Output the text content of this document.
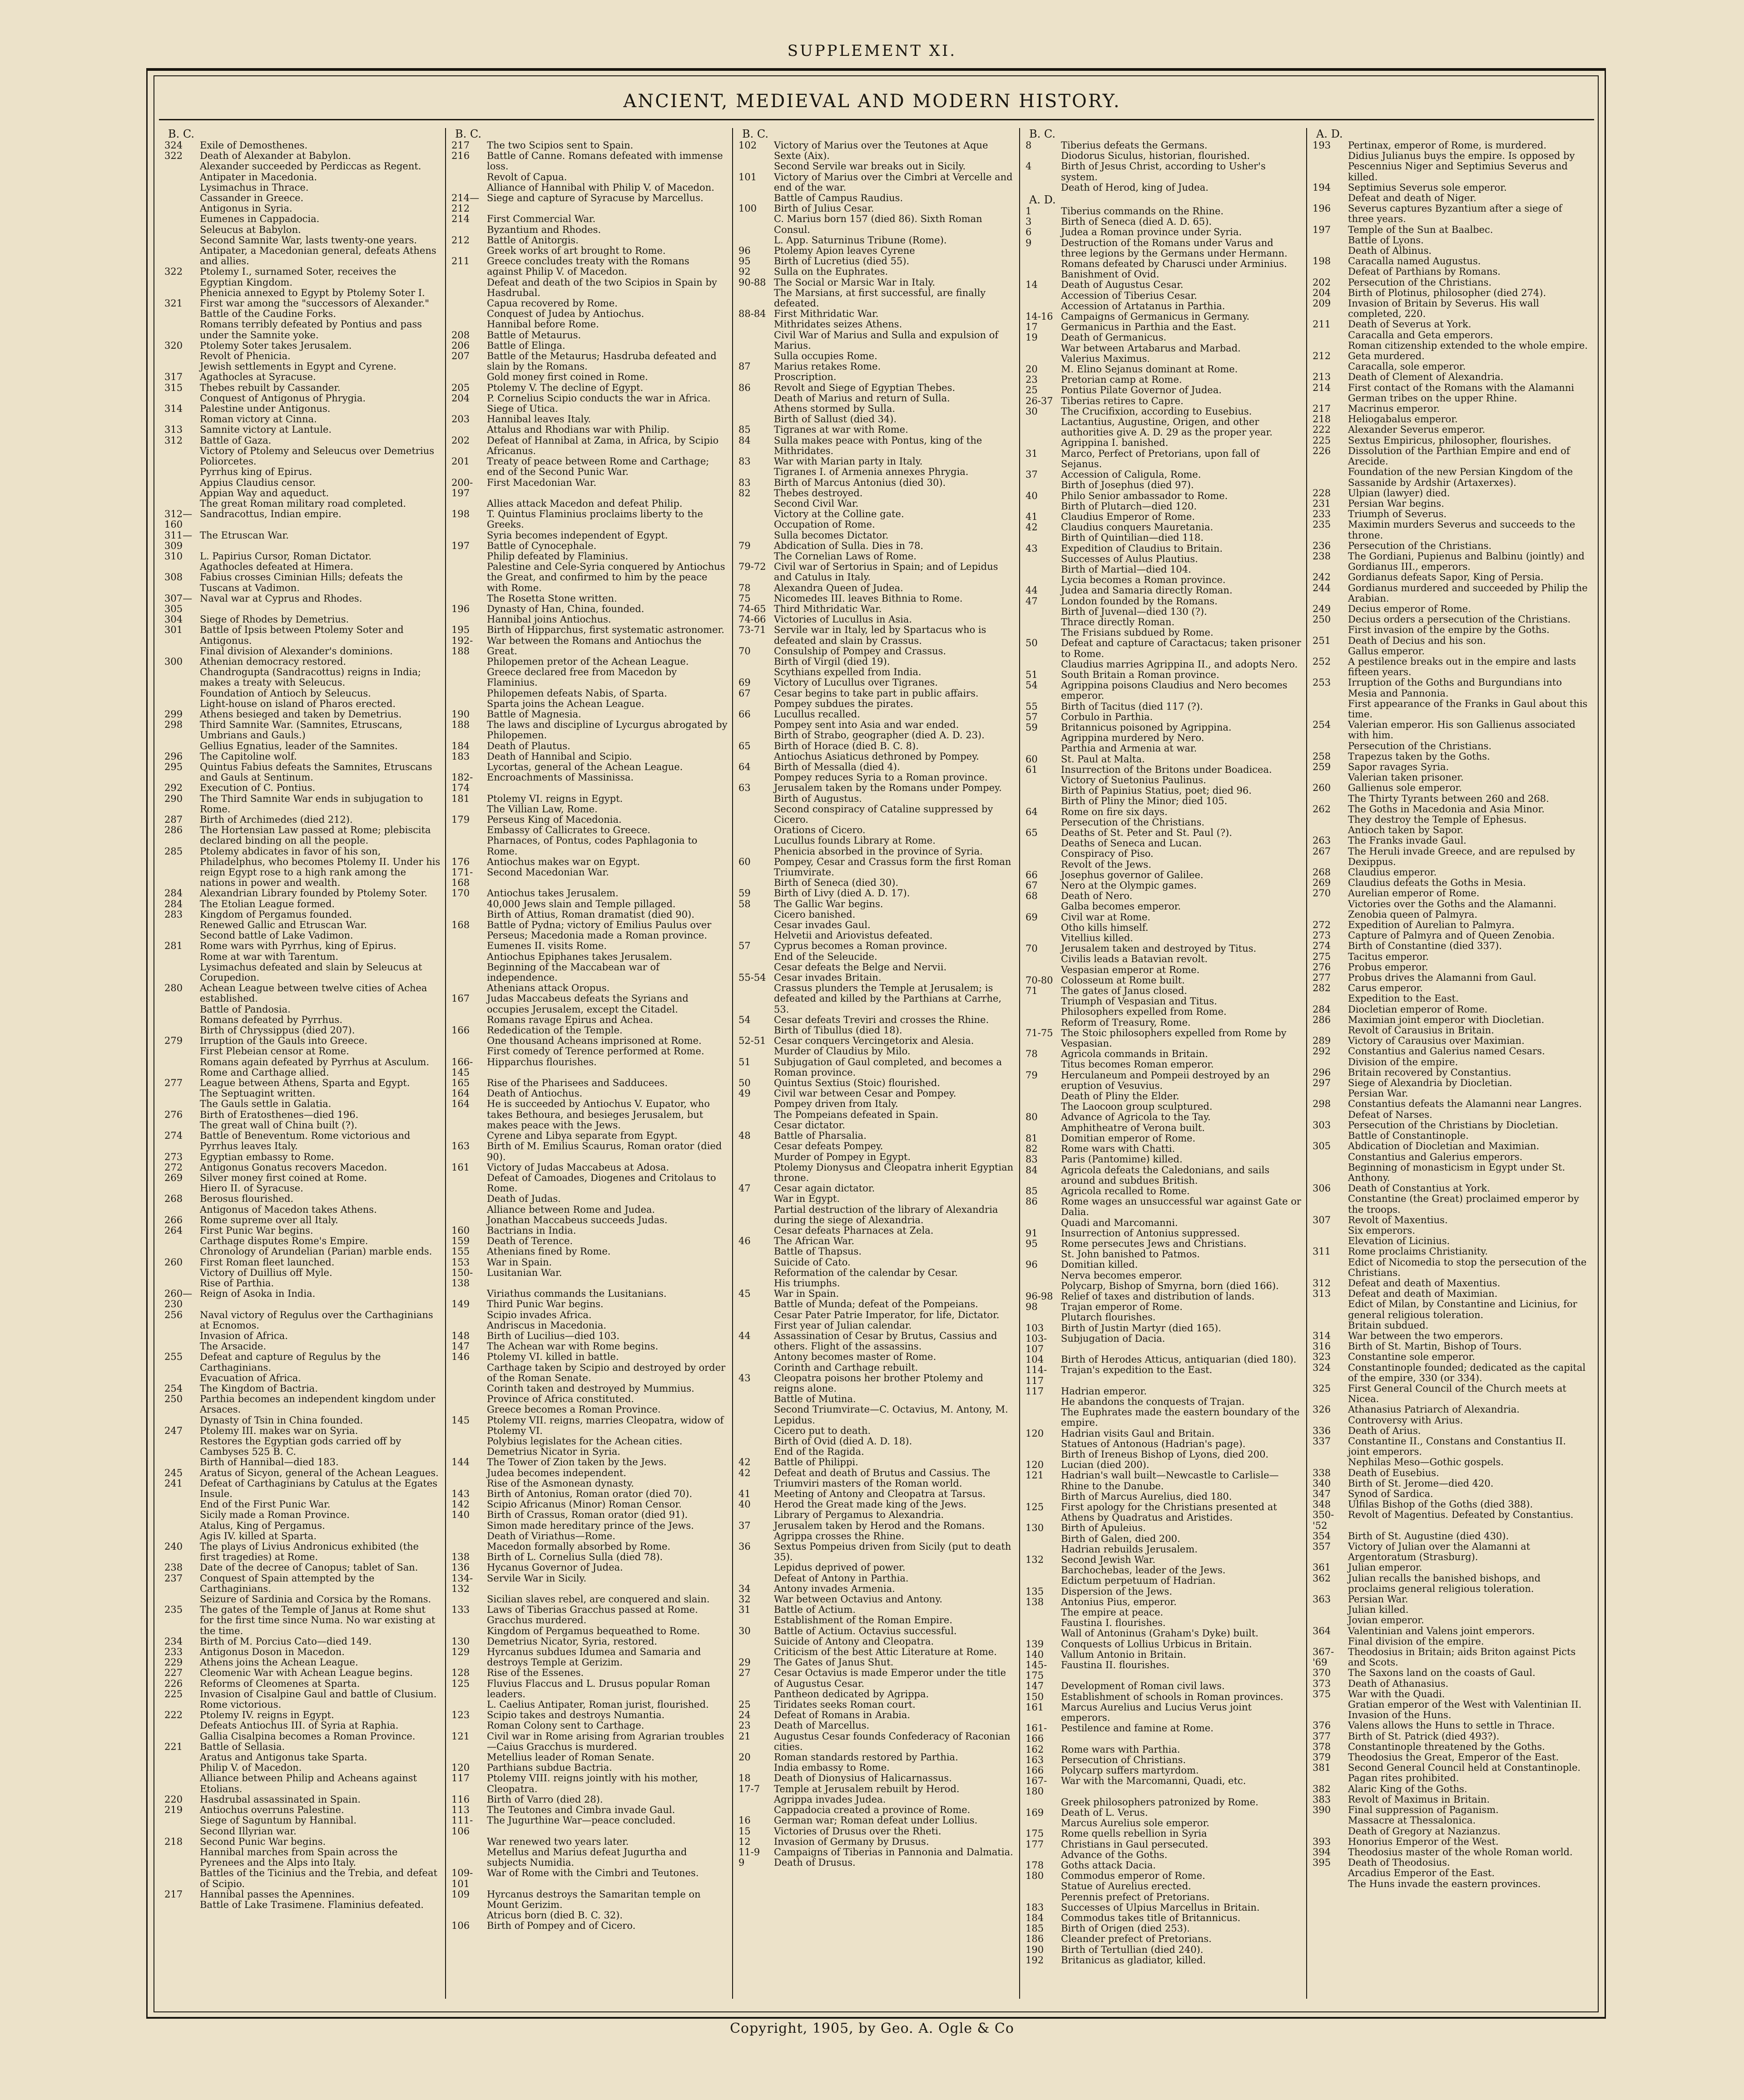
SUPPLEMENT XI.
ANCIENT, MEDIEVAL AND MODERN HISTORY.
B. C.
324	Exile of Demosthenes.
322	Death of Alexander at Babylon.
Alexander succeeded by Perdiccas as Regent.
Antipater in Macedonia.
Lysimachus in Thrace.
Cassander in Greece.
Antigonus in Syria.
Eumenes in Cappadocia.
Seleucus at Babylon.
Second Samnite War, lasts twenty-one years.
Antipater, a Macedonian general, defeats Athens and allies.
322	Ptolemy I., surnamed Soter, receives the Egyptian Kingdom.
Phenicia annexed to Egypt by Ptolemy Soter I.
321	First war among the "successors of Alexander."
Battle of the Caudine Forks.
Romans terribly defeated by Pontius and pass under the Samnite yoke.
320	Ptolemy Soter takes Jerusalem.
Revolt of Phenicia.
Jewish settlements in Egypt and Cyrene.
317	Agathocles at Syracuse.
315	Thebes rebuilt by Cassander.
Conquest of Antigonus of Phrygia.
314	Palestine under Antigonus.
Roman victory at Cinna.
313	Samnite victory at Lantule.
312	Battle of Gaza.
Victory of Ptolemy and Seleucus over Demetrius Poliorcetes.
Pyrrhus king of Epirus.
Appius Claudius censor.
Appian Way and aqueduct.
The great Roman military road completed.
312—160
Sandracottus, Indian empire.
311—309
The Etruscan War.
310	L. Papirius Cursor, Roman Dictator.
Agathocles defeated at Himera.
308	Fabius crosses Ciminian Hills; defeats the Tuscans at Vadimon.
307—305
Naval war at Cyprus and Rhodes.
304	Siege of Rhodes by Demetrius.
301	Battle of Ipsis between Ptolemy Soter and Antigonus.
Final division of Alexander's dominions.
300	Athenian democracy restored.
Chandrogupta (Sandracottus) reigns in India; makes a treaty with Seleucus.
Foundation of Antioch by Seleucus.
Light-house on island of Pharos erected.
299	Athens besieged and taken by Demetrius.
298	Third Samnite War. (Samnites, Etruscans, Umbrians and Gauls.)
Gellius Egnatius, leader of the Samnites.
296	The Capitoline wolf.
295	Quintus Fabius defeats the Samnites, Etruscans and Gauls at Sentinum.
292	Execution of C. Pontius.
290	The Third Samnite War ends in subjugation to Rome.
287	Birth of Archimedes (died 212).
286	The Hortensian Law passed at Rome; plebiscita declared binding on all the people.
285	Ptolemy abdicates in favor of his son, Philadelphus, who becomes Ptolemy II. Under his reign Egypt rose to a high rank among the nations in power and wealth.
284	Alexandrian Library founded by Ptolemy Soter.
284	The Etolian League formed.
283	Kingdom of Pergamus founded.
Renewed Gallic and Etruscan War.
Second battle of Lake Vadimon.
281	Rome wars with Pyrrhus, king of Epirus.
Rome at war with Tarentum.
Lysimachus defeated and slain by Seleucus at Corupedion.
280	Achean League between twelve cities of Achea established.
Battle of Pandosia.
Romans defeated by Pyrrhus.
Birth of Chryssippus (died 207).
279	Irruption of the Gauls into Greece.
First Plebeian censor at Rome.
Romans again defeated by Pyrrhus at Asculum.
Rome and Carthage allied.
277	League between Athens, Sparta and Egypt.
The Septuagint written.
The Gauls settle in Galatia.
276	Birth of Eratosthenes—died 196.
The great wall of China built (?).
274	Battle of Beneventum. Rome victorious and Pyrrhus leaves Italy.
273	Egyptian embassy to Rome.
272	Antigonus Gonatus recovers Macedon.
269	Silver money first coined at Rome.
Hiero II. of Syracuse.
268	Berosus flourished.
Antigonus of Macedon takes Athens.
266	Rome supreme over all Italy.
264	First Punic War begins.
Carthage disputes Rome's Empire.
Chronology of Arundelian (Parian) marble ends.
260	First Roman fleet launched.
Victory of Duillius off Myle.
Rise of Parthia.
260—230
Reign of Asoka in India.
256	Naval victory of Regulus over the Carthaginians at Ecnomos.
Invasion of Africa.
The Arsacide.
255	Defeat and capture of Regulus by the Carthaginians.
Evacuation of Africa.
254	The Kingdom of Bactria.
250	Parthia becomes an independent kingdom under Arsaces.
Dynasty of Tsin in China founded.
247	Ptolemy III. makes war on Syria.
Restores the Egyptian gods carried off by Cambyses 525 B. C.
Birth of Hannibal—died 183.
245	Aratus of Sicyon, general of the Achean Leagues.
241	Defeat of Carthaginians by Catulus at the Egates Insule.
End of the First Punic War.
Sicily made a Roman Province.
Atalus, King of Pergamus.
Agis IV. killed at Sparta.
240	The plays of Livius Andronicus exhibited (the first tragedies) at Rome.
238	Date of the decree of Canopus; tablet of San.
237	Conquest of Spain attempted by the Carthaginians.
Seizure of Sardinia and Corsica by the Romans.
235	The gates of the Temple of Janus at Rome shut for the first time since Numa. No war existing at the time.
234	Birth of M. Porcius Cato—died 149.
233	Antigonus Doson in Macedon.
229	Athens joins the Achean League.
227	Cleomenic War with Achean League begins.
226	Reforms of Cleomenes at Sparta.
225	Invasion of Cisalpine Gaul and battle of Clusium. Rome victorious.
222	Ptolemy IV. reigns in Egypt.
Defeats Antiochus III. of Syria at Raphia.
Gallia Cisalpina becomes a Roman Province.
221	Battle of Sellasia.
Aratus and Antigonus take Sparta.
Philip V. of Macedon.
Alliance between Philip and Acheans against Etolians.
220	Hasdrubal assassinated in Spain.
219	Antiochus overruns Palestine.
Siege of Saguntum by Hannibal.
Second Illyrian war.
218	Second Punic War begins.
Hannibal marches from Spain across the Pyrenees and the Alps into Italy.
Battles of the Ticinius and the Trebia, and defeat of Scipio.
217	Hannibal passes the Apennines.
Battle of Lake Trasimene. Flaminius defeated.
B. C.
217	The two Scipios sent to Spain.
216	Battle of Canne. Romans defeated with immense loss.
Revolt of Capua.
Alliance of Hannibal with Philip V. of Macedon.
214—212
Siege and capture of Syracuse by Marcellus.
214	First Commercial War.
Byzantium and Rhodes.
212	Battle of Anitorgis.
Greek works of art brought to Rome.
211	Greece concludes treaty with the Romans against Philip V. of Macedon.
Defeat and death of the two Scipios in Spain by Hasdrubal.
Capua recovered by Rome.
Conquest of Judea by Antiochus.
Hannibal before Rome.
208	Battle of Metaurus.
206	Battle of Elinga.
207	Battle of the Metaurus; Hasdruba defeated and slain by the Romans.
Gold money first coined in Rome.
205	Ptolemy V. The decline of Egypt.
204	P. Cornelius Scipio conducts the war in Africa.
Siege of Utica.
203	Hannibal leaves Italy.
Attalus and Rhodians war with Philip.
202	Defeat of Hannibal at Zama, in Africa, by Scipio Africanus.
201	Treaty of peace between Rome and Carthage; end of the Second Punic War.
200-197
First Macedonian War.
Allies attack Macedon and defeat Philip.
198	T. Quintus Flaminius proclaims liberty to the Greeks.
Syria becomes independent of Egypt.
197	Battle of Cynocephale.
Philip defeated by Flaminius.
Palestine and Cele-Syria conquered by Antiochus the Great, and confirmed to him by the peace with Rome.
The Rosetta Stone written.
196	Dynasty of Han, China, founded.
Hannibal joins Antiochus.
195	Birth of Hipparchus, first systematic astronomer.
192-188
War between the Romans and Antiochus the Great.
Philopemen pretor of the Achean League.
Greece declared free from Macedon by Flaminius.
Philopemen defeats Nabis, of Sparta.
Sparta joins the Achean League.
190	Battle of Magnesia.
188	The laws and discipline of Lycurgus abrogated by Philopemen.
184	Death of Plautus.
183	Death of Hannibal and Scipio.
Lycortas, general of the Achean League.
182-174
Encroachments of Massinissa.
181	Ptolemy VI. reigns in Egypt.
The Villian Law, Rome.
179	Perseus King of Macedonia.
Embassy of Callicrates to Greece.
Pharnaces, of Pontus, codes Paphlagonia to Rome.
176	Antiochus makes war on Egypt.
171-168
Second Macedonian War.
170	Antiochus takes Jerusalem.
40,000 Jews slain and Temple pillaged.
Birth of Attius, Roman dramatist (died 90).
168	Battle of Pydna; victory of Emilius Paulus over Perseus; Macedonia made a Roman province.
Eumenes II. visits Rome.
Antiochus Epiphanes takes Jerusalem.
Beginning of the Maccabean war of independence.
Athenians attack Oropus.
167	Judas Maccabeus defeats the Syrians and occupies Jerusalem, except the Citadel.
Romans ravage Epirus and Achea.
166	Rededication of the Temple.
One thousand Acheans imprisoned at Rome.
First comedy of Terence performed at Rome.
166-145
Hipparchus flourishes.
165	Rise of the Pharisees and Sadducees.
164	Death of Antiochus.
164	He is succeeded by Antiochus V. Eupator, who takes Bethoura, and besieges Jerusalem, but makes peace with the Jews.
Cyrene and Libya separate from Egypt.
163	Birth of M. Emilius Scaurus, Roman orator (died 90).
161	Victory of Judas Maccabeus at Adosa.
Defeat of Camoades, Diogenes and Critolaus to Rome.
Death of Judas.
Alliance between Rome and Judea.
Jonathan Maccabeus succeeds Judas.
160	Bactrians in India.
159	Death of Terence.
155	Athenians fined by Rome.
153	War in Spain.
150-138
Lusitanian War.
Viriathus commands the Lusitanians.
149	Third Punic War begins.
Scipio invades Africa.
Andriscus in Macedonia.
148	Birth of Lucilius—died 103.
147	The Achean war with Rome begins.
146	Ptolemy VI. killed in battle.
Carthage taken by Scipio and destroyed by order of the Roman Senate.
Corinth taken and destroyed by Mummius.
Province of Africa constituted.
Greece becomes a Roman Province.
145	Ptolemy VII. reigns, marries Cleopatra, widow of Ptolemy VI.
Polybius legislates for the Achean cities.
Demetrius Nicator in Syria.
144	The Tower of Zion taken by the Jews.
Judea becomes independent.
Rise of the Asmonean dynasty.
143	Birth of Antonius, Roman orator (died 70).
142	Scipio Africanus (Minor) Roman Censor.
140	Birth of Crassus, Roman orator (died 91).
Simon made hereditary prince of the Jews.
Death of Viriathus—Rome.
Macedon formally absorbed by Rome.
138	Birth of L. Cornelius Sulla (died 78).
136	Hycanus Governor of Judea.
134-132
Servile War in Sicily.
Sicilian slaves rebel, are conquered and slain.
133	Laws of Tiberias Gracchus passed at Rome.
Gracchus murdered.
Kingdom of Pergamus bequeathed to Rome.
130	Demetrius Nicator, Syria, restored.
129	Hyrcanus subdues Idumea and Samaria and destroys Temple at Gerizim.
128	Rise of the Essenes.
125	Fluvius Flaccus and L. Drusus popular Roman leaders.
L. Caelius Antipater, Roman jurist, flourished.
123	Scipio takes and destroys Numantia.
Roman Colony sent to Carthage.
121	Civil war in Rome arising from Agrarian troubles—Caius Gracchus is murdered.
Metellius leader of Roman Senate.
120	Parthians subdue Bactria.
117	Ptolemy VIII. reigns jointly with his mother, Cleopatra.
116	Birth of Varro (died 28).
113	The Teutones and Cimbra invade Gaul.
111-106
The Jugurthine War—peace concluded.
War renewed two years later.
Metellus and Marius defeat Jugurtha and subjects Numidia.
109-101
War of Rome with the Cimbri and Teutones.
109	Hyrcanus destroys the Samaritan temple on Mount Gerizim.
Atricus born (died B. C. 32).
106	Birth of Pompey and of Cicero.
B. C.
102	Victory of Marius over the Teutones at Aque Sexte (Aix).
Second Servile war breaks out in Sicily.
101	Victory of Marius over the Cimbri at Vercelle and end of the war.
Battle of Campus Raudius.
100	Birth of Julius Cesar.
C. Marius born 157 (died 86). Sixth Roman Consul.
L. App. Saturninus Tribune (Rome).
96	Ptolemy Apion leaves Cyrene
95	Birth of Lucretius (died 55).
92	Sulla on the Euphrates.
90-88 The Social or Marsic War in Italy.
The Marsians, at first successful, are finally defeated.
88-84 First Mithridatic War.
Mithridates seizes Athens.
Civil War of Marius and Sulla and expulsion of Marius.
Sulla occupies Rome.
87	Marius retakes Rome.
Proscription.
86	Revolt and Siege of Egyptian Thebes.
Death of Marius and return of Sulla.
Athens stormed by Sulla.
Birth of Sallust (died 34).
85	Tigranes at war with Rome.
84	Sulla makes peace with Pontus, king of the Mithridates.
83	War with Marian party in Italy.
Tigranes I. of Armenia annexes Phrygia.
83	Birth of Marcus Antonius (died 30).
82	Thebes destroyed.
Second Civil War.
Victory at the Colline gate.
Occupation of Rome.
Sulla becomes Dictator.
79	Abdication of Sulla. Dies in 78.
The Cornelian Laws of Rome.
79-72 Civil war of Sertorius in Spain; and of Lepidus and Catulus in Italy.
78	Alexandra Queen of Judea.
75	Nicomedes III. leaves Bithnia to Rome.
74-65 Third Mithridatic War.
74-66 Victories of Lucullus in Asia.
73-71 Servile war in Italy, led by Spartacus who is defeated and slain by Crassus.
70	Consulship of Pompey and Crassus.
Birth of Virgil (died 19).
Scythians expelled from India.
69	Victory of Lucullus over Tigranes.
67	Cesar begins to take part in public affairs.
Pompey subdues the pirates.
66	Lucullus recalled.
Pompey sent into Asia and war ended.
Birth of Strabo, geographer (died A. D. 23).
65	Birth of Horace (died B. C. 8).
Antiochus Asiaticus dethroned by Pompey.
64	Birth of Messalla (died 4).
Pompey reduces Syria to a Roman province.
63	Jerusalem taken by the Romans under Pompey.
Birth of Augustus.
Second conspiracy of Cataline suppressed by Cicero.
Orations of Cicero.
Lucullus founds Library at Rome.
Phenicia absorbed in the province of Syria.
60	Pompey, Cesar and Crassus form the first Roman Triumvirate.
Birth of Seneca (died 30).
59	Birth of Livy (died A. D. 17).
58	The Gallic War begins.
Cicero banished.
Cesar invades Gaul.
Helvetii and Ariovistus defeated.
57	Cyprus becomes a Roman province.
End of the Seleucide.
Cesar defeats the Belge and Nervii.
55-54 Cesar invades Britain.
Crassus plunders the Temple at Jerusalem; is defeated and killed by the Parthians at Carrhe, 53.
54	Cesar defeats Treviri and crosses the Rhine.
Birth of Tibullus (died 18).
52-51 Cesar conquers Vercingetorix and Alesia.
Murder of Claudius by Milo.
51	Subjugation of Gaul completed, and becomes a Roman province.
50	Quintus Sextius (Stoic) flourished.
49	Civil war between Cesar and Pompey.
Pompey driven from Italy.
The Pompeians defeated in Spain.
Cesar dictator.
48	Battle of Pharsalia.
Cesar defeats Pompey.
Murder of Pompey in Egypt.
Ptolemy Dionysus and Cleopatra inherit Egyptian throne.
47	Cesar again dictator.
War in Egypt.
Partial destruction of the library of Alexandria during the siege of Alexandria.
Cesar defeats Pharnaces at Zela.
46	The African War.
Battle of Thapsus.
Suicide of Cato.
Reformation of the calendar by Cesar.
His triumphs.
45	War in Spain.
Battle of Munda; defeat of the Pompeians.
Cesar Pater Patrie Imperator, for life, Dictator.
First year of Julian calendar.
44	Assassination of Cesar by Brutus, Cassius and others. Flight of the assassins.
Antony becomes master of Rome.
Corinth and Carthage rebuilt.
43	Cleopatra poisons her brother Ptolemy and reigns alone.
Battle of Mutina.
Second Triumvirate—C. Octavius, M. Antony, M. Lepidus.
Cicero put to death.
Birth of Ovid (died A. D. 18).
End of the Ragida.
42	Battle of Philippi.
42	Defeat and death of Brutus and Cassius. The Triumviri masters of the Roman world.
41	Meeting of Antony and Cleopatra at Tarsus.
40	Herod the Great made king of the Jews.
Library of Pergamus to Alexandria.
37	Jerusalem taken by Herod and the Romans.
Agrippa crosses the Rhine.
36	Sextus Pompeius driven from Sicily (put to death 35).
Lepidus deprived of power.
Defeat of Antony in Parthia.
34	Antony invades Armenia.
32	War between Octavius and Antony.
31	Battle of Actium.
Establishment of the Roman Empire.
30	Battle of Actium. Octavius successful.
Suicide of Antony and Cleopatra.
Criticism of the best Attic Literature at Rome.
29	The Gates of Janus Shut.
27	Cesar Octavius is made Emperor under the title of Augustus Cesar.
Pantheon dedicated by Agrippa.
25	Tiridates seeks Roman court.
24	Defeat of Romans in Arabia.
23	Death of Marcellus.
21	Augustus Cesar founds Confederacy of Raconian cities.
20	Roman standards restored by Parthia.
India embassy to Rome.
18	Death of Dionysius of Halicarnassus.
17-7	Temple at Jerusalem rebuilt by Herod.
Agrippa invades Judea.
Cappadocia created a province of Rome.
16	German war; Roman defeat under Lollius.
15	Victories of Drusus over the Rheti.
12	Invasion of Germany by Drusus.
11-9	Campaigns of Tiberias in Pannonia and Dalmatia.
9	Death of Drusus.
B. C.
8	Tiberius defeats the Germans.
Diodorus Siculus, historian, flourished.
4	Birth of Jesus Christ, according to Usher's system.
Death of Herod, king of Judea.
A. D.
1	Tiberius commands on the Rhine.
3	Birth of Seneca (died A. D. 65).
6	Judea a Roman province under Syria.
9	Destruction of the Romans under Varus and three legions by the Germans under Hermann.
Romans defeated by Charusci under Arminius.
Banishment of Ovid.
14	Death of Augustus Cesar.
Accession of Tiberius Cesar.
Accession of Artatanus in Parthia.
14-16 Campaigns of Germanicus in Germany.
17	Germanicus in Parthia and the East.
19	Death of Germanicus.
War between Artabarus and Marbad.
Valerius Maximus.
20	M. Elino Sejanus dominant at Rome.
23	Pretorian camp at Rome.
25	Pontius Pilate Governor of Judea.
26-37 Tiberias retires to Capre.
30	The Crucifixion, according to Eusebius.
Lactantius, Augustine, Origen, and other authorities give A. D. 29 as the proper year.
Agrippina I. banished.
31	Marco, Perfect of Pretorians, upon fall of Sejanus.
37	Accession of Caligula, Rome.
Birth of Josephus (died 97).
40	Philo Senior ambassador to Rome.
Birth of Plutarch—died 120.
41	Claudius Emperor of Rome.
42	Claudius conquers Mauretania.
Birth of Quintilian—died 118.
43	Expedition of Claudius to Britain.
Successes of Aulus Plautius.
Birth of Martial—died 104.
Lycia becomes a Roman province.
44	Judea and Samaria directly Roman.
47	London founded by the Romans.
Birth of Juvenal—died 130 (?).
Thrace directly Roman.
The Frisians subdued by Rome.
50	Defeat and capture of Caractacus; taken prisoner to Rome.
Claudius marries Agrippina II., and adopts Nero.
51	South Britain a Roman province.
54	Agrippina poisons Claudius and Nero becomes emperor.
55	Birth of Tacitus (died 117 (?).
57	Corbulo in Parthia.
59	Britannicus poisoned by Agrippina.
Agrippina murdered by Nero.
Parthia and Armenia at war.
60	St. Paul at Malta.
61	Insurrection of the Britons under Boadicea.
Victory of Suetonius Paulinus.
Birth of Papinius Statius, poet; died 96.
Birth of Pliny the Minor; died 105.
64	Rome on fire six days.
Persecution of the Christians.
65	Deaths of St. Peter and St. Paul (?).
Deaths of Seneca and Lucan.
Conspiracy of Piso.
Revolt of the Jews.
66	Josephus governor of Galilee.
67	Nero at the Olympic games.
68	Death of Nero.
Galba becomes emperor.
69	Civil war at Rome.
Otho kills himself.
Vitellius killed.
70	Jerusalem taken and destroyed by Titus.
Civilis leads a Batavian revolt.
Vespasian emperor at Rome.
70-80 Colosseum at Rome built.
71	The gates of Janus closed.
Triumph of Vespasian and Titus.
Philosophers expelled from Rome.
Reform of Treasury, Rome.
71-75 The Stoic philosophers expelled from Rome by Vespasian.
78	Agricola commands in Britain.
Titus becomes Roman emperor.
79	Herculaneum and Pompeii destroyed by an eruption of Vesuvius.
Death of Pliny the Elder.
The Laocoon group sculptured.
80	Advance of Agricola to the Tay.
Amphitheatre of Verona built.
81	Domitian emperor of Rome.
82	Rome wars with Chatti.
83	Paris (Pantomime) killed.
84	Agricola defeats the Caledonians, and sails around and subdues British.
85	Agricola recalled to Rome.
86	Rome wages an unsuccessful war against Gate or Dalia.
Quadi and Marcomanni.
91	Insurrection of Antonius suppressed.
95	Rome persecutes Jews and Christians.
St. John banished to Patmos.
96	Domitian killed.
Nerva becomes emperor.
Polycarp, Bishop of Smyrna, born (died 166).
96-98 Relief of taxes and distribution of lands.
98	Trajan emperor of Rome.
Plutarch flourishes.
103	Birth of Justin Martyr (died 165).
103-107
Subjugation of Dacia.
104	Birth of Herodes Atticus, antiquarian (died 180).
114-117
Trajan's expedition to the East.
117	Hadrian emperor.
He abandons the conquests of Trajan.
The Euphrates made the eastern boundary of the empire.
120	Hadrian visits Gaul and Britain.
Statues of Antonous (Hadrian's page).
Birth of Ireneus Bishop of Lyons, died 200.
120	Lucian (died 200).
121	Hadrian's wall built—Newcastle to Carlisle—Rhine to the Danube.
Birth of Marcus Aurelius, died 180.
125	First apology for the Christians presented at Athens by Quadratus and Aristides.
130	Birth of Apuleius.
Birth of Galen, died 200.
Hadrian rebuilds Jerusalem.
132	Second Jewish War.
Barchochebas, leader of the Jews.
Edictum perpetuum of Hadrian.
135	Dispersion of the Jews.
138	Antonius Pius, emperor.
The empire at peace.
Faustina I. flourishes.
Wall of Antoninus (Graham's Dyke) built.
139	Conquests of Lollius Urbicus in Britain.
140	Vallum Antonio in Britain.
145-175
Faustina II. flourishes.
147	Development of Roman civil laws.
150	Establishment of schools in Roman provinces.
161	Marcus Aurelius and Lucius Verus joint emperors.
161-166
Pestilence and famine at Rome.
162	Rome wars with Parthia.
163	Persecution of Christians.
166	Polycarp suffers martyrdom.
167-180
War with the Marcomanni, Quadi, etc.
Greek philosophers patronized by Rome.
169	Death of L. Verus.
Marcus Aurelius sole emperor.
175	Rome quells rebellion in Syria
177	Christians in Gaul persecuted.
Advance of the Goths.
178	Goths attack Dacia.
180	Commodus emperor of Rome.
Statue of Aurelius erected.
Perennis prefect of Pretorians.
183	Successes of Ulpius Marcellus in Britain.
184	Commodus takes title of Britannicus.
185	Birth of Origen (died 253).
186	Cleander prefect of Pretorians.
190	Birth of Tertullian (died 240).
192	Britanicus as gladiator, killed.
A. D.
193	Pertinax, emperor of Rome, is murdered.
Didius Julianus buys the empire. Is opposed by Pescennius Niger and Septimius Severus and killed.
194	Septimius Severus sole emperor.
Defeat and death of Niger.
196	Severus captures Byzantium after a siege of three years.
197	Temple of the Sun at Baalbec.
Battle of Lyons.
Death of Albinus.
198	Caracalla named Augustus.
Defeat of Parthians by Romans.
202	Persecution of the Christians.
204	Birth of Plotinus, philosopher (died 274).
209	Invasion of Britain by Severus. His wall completed, 220.
211	Death of Severus at York.
Caracalla and Geta emperors.
Roman citizenship extended to the whole empire.
212	Geta murdered.
Caracalla, sole emperor.
213	Death of Clement of Alexandria.
214	First contact of the Romans with the Alamanni German tribes on the upper Rhine.
217	Macrinus emperor.
218	Heliogabalus emperor.
222	Alexander Severus emperor.
225	Sextus Empiricus, philosopher, flourishes.
226	Dissolution of the Parthian Empire and end of Arecide.
Foundation of the new Persian Kingdom of the Sassanide by Ardshir (Artaxerxes).
228	Ulpian (lawyer) died.
231	Persian War begins.
233	Triumph of Severus.
235	Maximin murders Severus and succeeds to the throne.
236	Persecution of the Christians.
238	The Gordiani, Pupienus and Balbinu (jointly) and Gordianus III., emperors.
242	Gordianus defeats Sapor, King of Persia.
244	Gordianus murdered and succeeded by Philip the Arabian.
249	Decius emperor of Rome.
250	Decius orders a persecution of the Christians.
First invasion of the empire by the Goths.
251	Death of Decius and his son.
Gallus emperor.
252	A pestilence breaks out in the empire and lasts fifteen years.
253	Irruption of the Goths and Burgundians into Mesia and Pannonia.
First appearance of the Franks in Gaul about this time.
254	Valerian emperor. His son Gallienus associated with him.
Persecution of the Christians.
258	Trapezus taken by the Goths.
259	Sapor ravages Syria.
Valerian taken prisoner.
260	Gallienus sole emperor.
The Thirty Tyrants between 260 and 268.
262	The Goths in Macedonia and Asia Minor.
They destroy the Temple of Ephesus.
Antioch taken by Sapor.
263	The Franks invade Gaul.
267	The Heruli invade Greece, and are repulsed by Dexippus.
268	Claudius emperor.
269	Claudius defeats the Goths in Mesia.
270	Aurelian emperor of Rome.
Victories over the Goths and the Alamanni.
Zenobia queen of Palmyra.
272	Expedition of Aurelian to Palmyra.
273	Capture of Palmyra and of Queen Zenobia.
274	Birth of Constantine (died 337).
275	Tacitus emperor.
276	Probus emperor.
277	Probus drives the Alamanni from Gaul.
282	Carus emperor.
Expedition to the East.
284	Diocletian emperor of Rome.
286	Maximian joint emperor with Diocletian.
Revolt of Carausius in Britain.
289	Victory of Carausius over Maximian.
292	Constantius and Galerius named Cesars.
Division of the empire.
296	Britain recovered by Constantius.
297	Siege of Alexandria by Diocletian.
Persian War.
298	Constantius defeats the Alamanni near Langres.
Defeat of Narses.
303	Persecution of the Christians by Diocletian.
Battle of Constantinople.
305	Abdication of Diocletian and Maximian.
Constantius and Galerius emperors.
Beginning of monasticism in Egypt under St. Anthony.
306	Death of Constantius at York.
Constantine (the Great) proclaimed emperor by the troops.
307	Revolt of Maxentius.
Six emperors.
Elevation of Licinius.
311	Rome proclaims Christianity.
Edict of Nicomedia to stop the persecution of the Christians.
312	Defeat and death of Maxentius.
313	Defeat and death of Maximian.
Edict of Milan, by Constantine and Licinius, for general religious toleration.
Britain subdued.
314	War between the two emperors.
316	Birth of St. Martin, Bishop of Tours.
323	Constantine sole emperor.
324	Constantinople founded; dedicated as the capital of the empire, 330 (or 334).
325	First General Council of the Church meets at Nicea.
326	Athanasius Patriarch of Alexandria.
Controversy with Arius.
336	Death of Arius.
337	Constantine II., Constans and Constantius II. joint emperors.
Nephilas Meso—Gothic gospels.
338	Death of Eusebius.
340	Birth of St. Jerome—died 420.
347	Synod of Sardica.
348	Ulfilas Bishop of the Goths (died 388).
350-'52
Revolt of Magentius. Defeated by Constantius.
354	Birth of St. Augustine (died 430).
357	Victory of Julian over the Alamanni at Argentoratum (Strasburg).
361	Julian emperor.
362	Julian recalls the banished bishops, and proclaims general religious toleration.
363	Persian War.
Julian killed.
Jovian emperor.
364	Valentinian and Valens joint emperors.
Final division of the empire.
367-'69
Theodosius in Britain; aids Briton against Picts and Scots.
370	The Saxons land on the coasts of Gaul.
373	Death of Athanasius.
375	War with the Quadi.
Gratian emperor of the West with Valentinian II.
Invasion of the Huns.
376	Valens allows the Huns to settle in Thrace.
377	Birth of St. Patrick (died 493?).
378	Constantinople threatened by the Goths.
379	Theodosius the Great, Emperor of the East.
381	Second General Council held at Constantinople.
Pagan rites prohibited.
382	Alaric King of the Goths.
383	Revolt of Maximus in Britain.
390	Final suppression of Paganism.
Massacre at Thessalonica.
Death of Gregory at Nazianzus.
393	Honorius Emperor of the West.
394	Theodosius master of the whole Roman world.
395	Death of Theodosius.
Arcadius Emperor of the East.
The Huns invade the eastern provinces.
Copyright, 1905, by Geo. A. Ogle & Co
